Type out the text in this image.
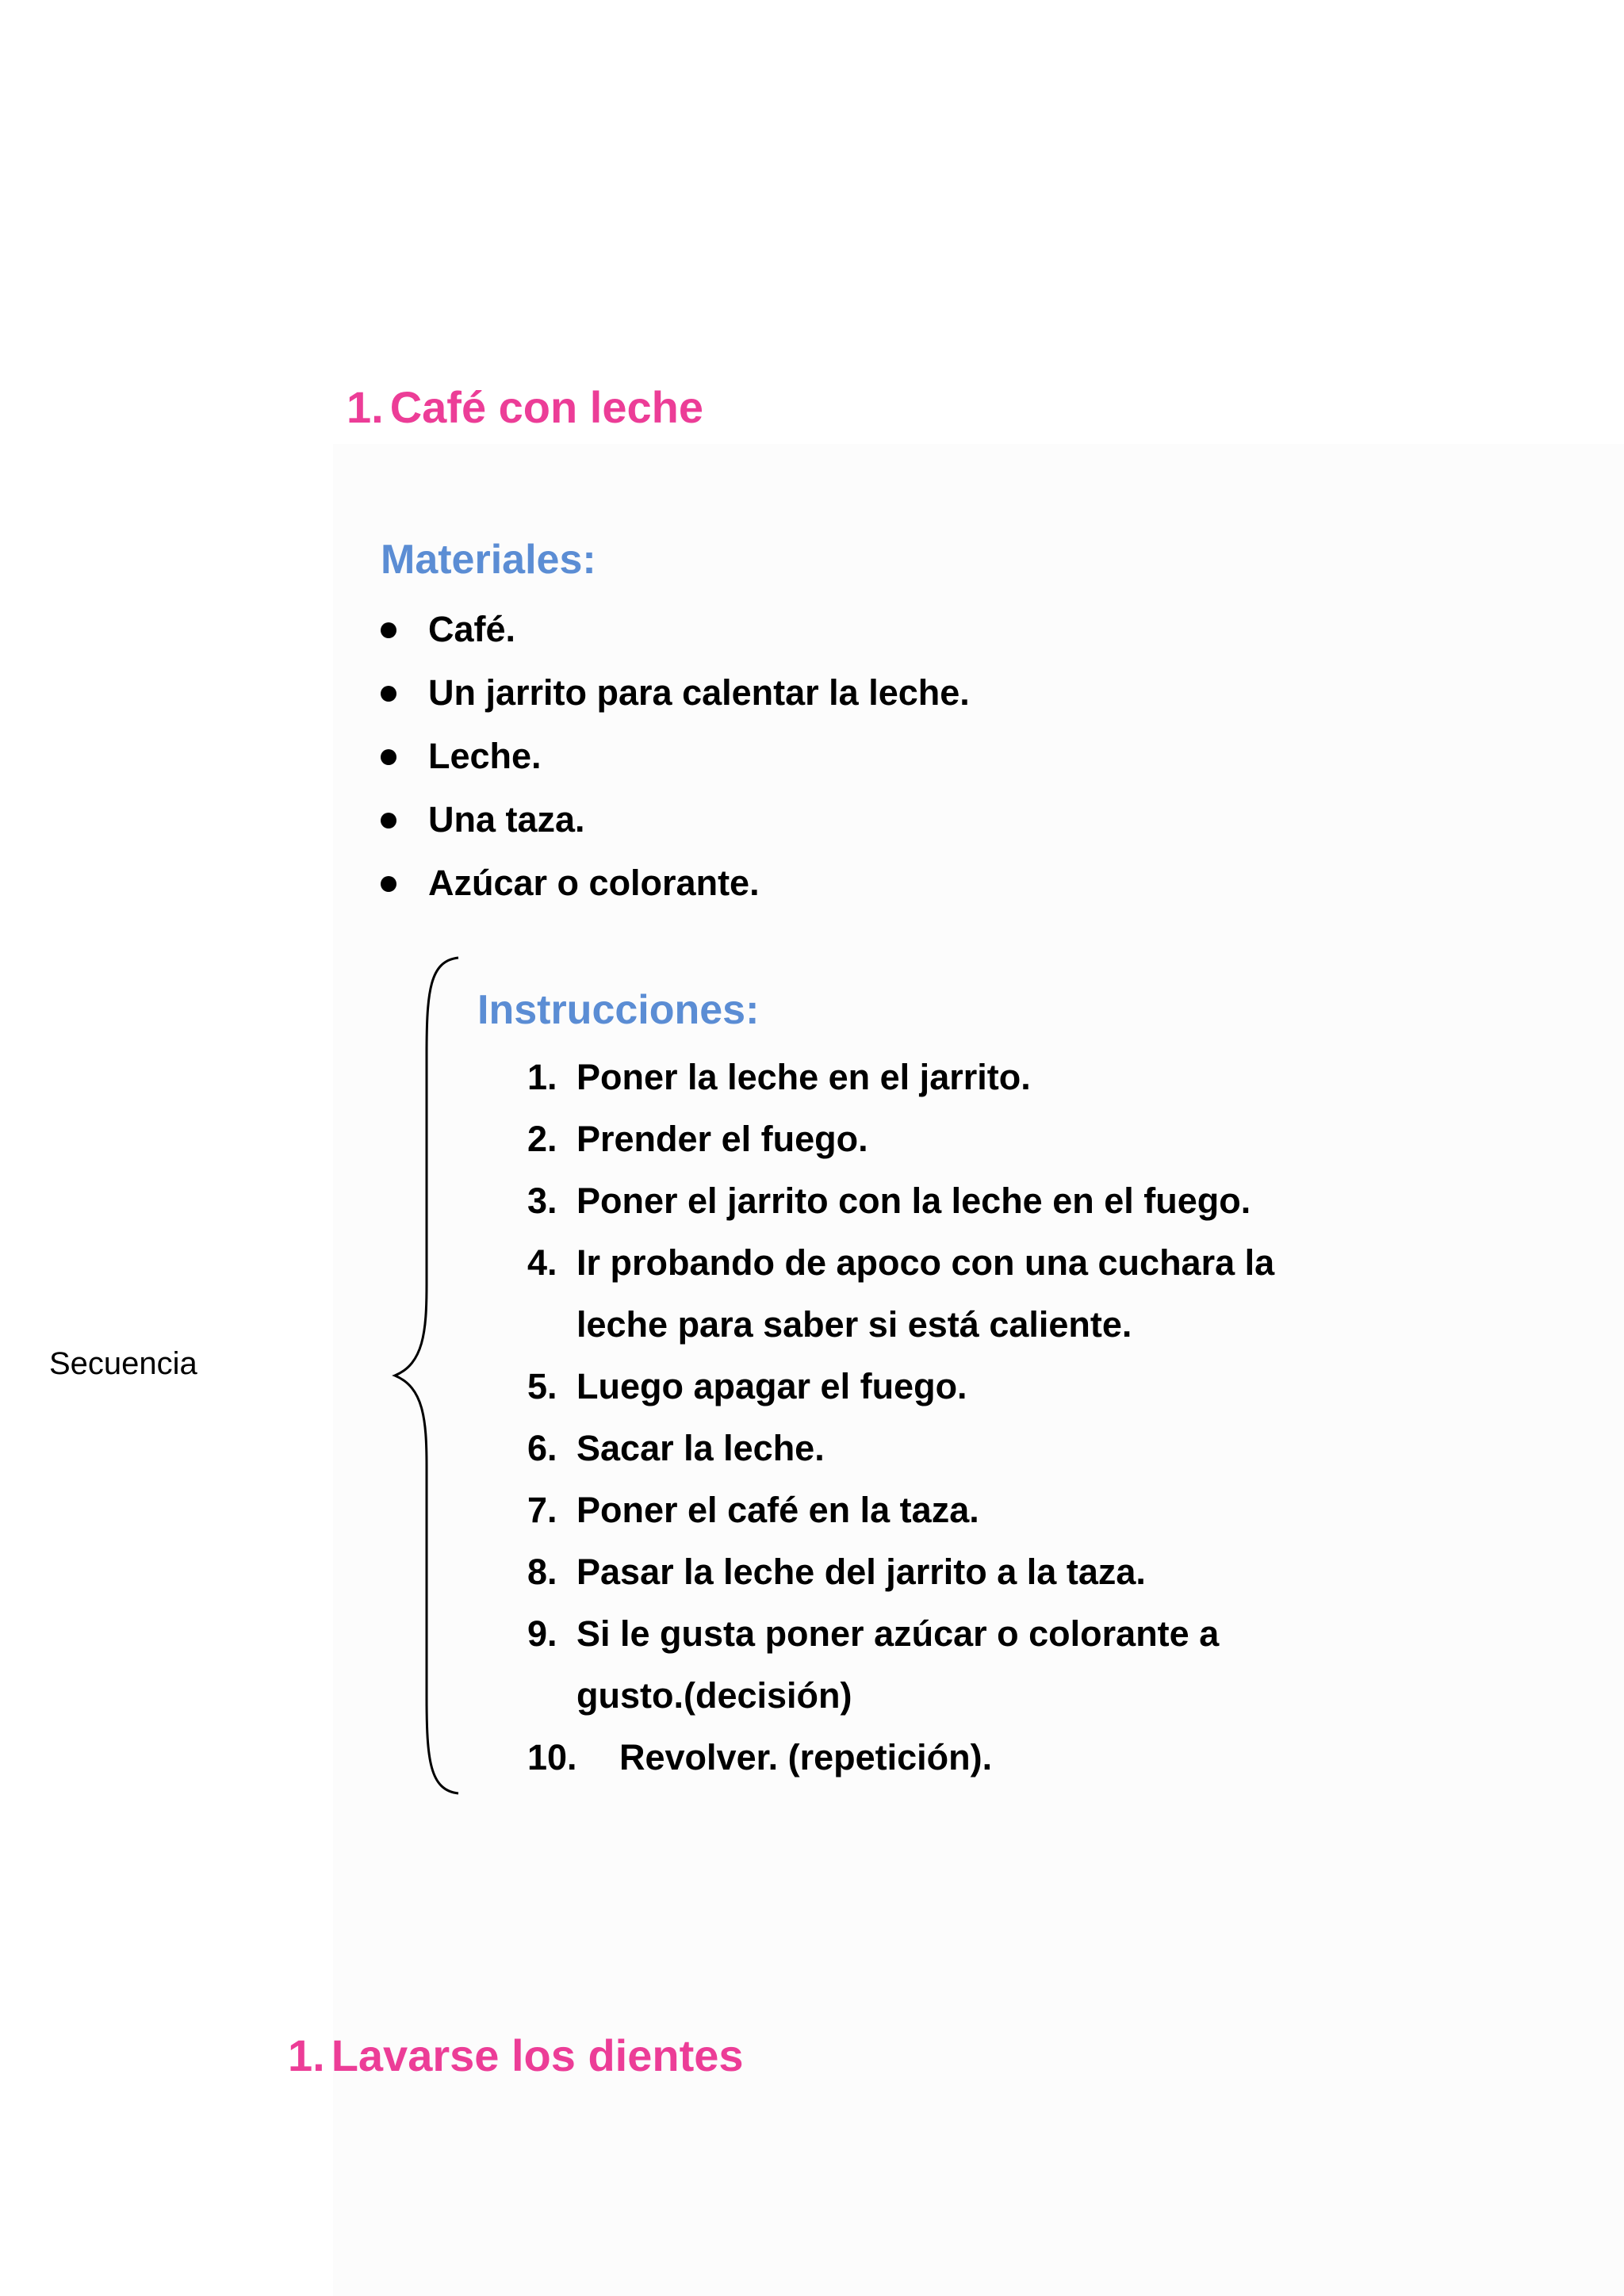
1. Café con leche
Materiales:
Café.
Un jarrito para calentar la leche.
Leche.
Una taza.
Azúcar o colorante.
Instrucciones:
1. Poner la leche en el jarrito.
2. Prender el fuego.
3. Poner el jarrito con la leche en el fuego.
4. Ir probando de apoco con una cuchara la
leche para saber si está caliente.
5. Luego apagar el fuego.
6. Sacar la leche.
7. Poner el café en la taza.
8. Pasar la leche del jarrito a la taza.
9. Si le gusta poner azúcar o colorante a
gusto.(decisión)
10. Revolver. (repetición).
Secuencia
1. Lavarse los dientes
